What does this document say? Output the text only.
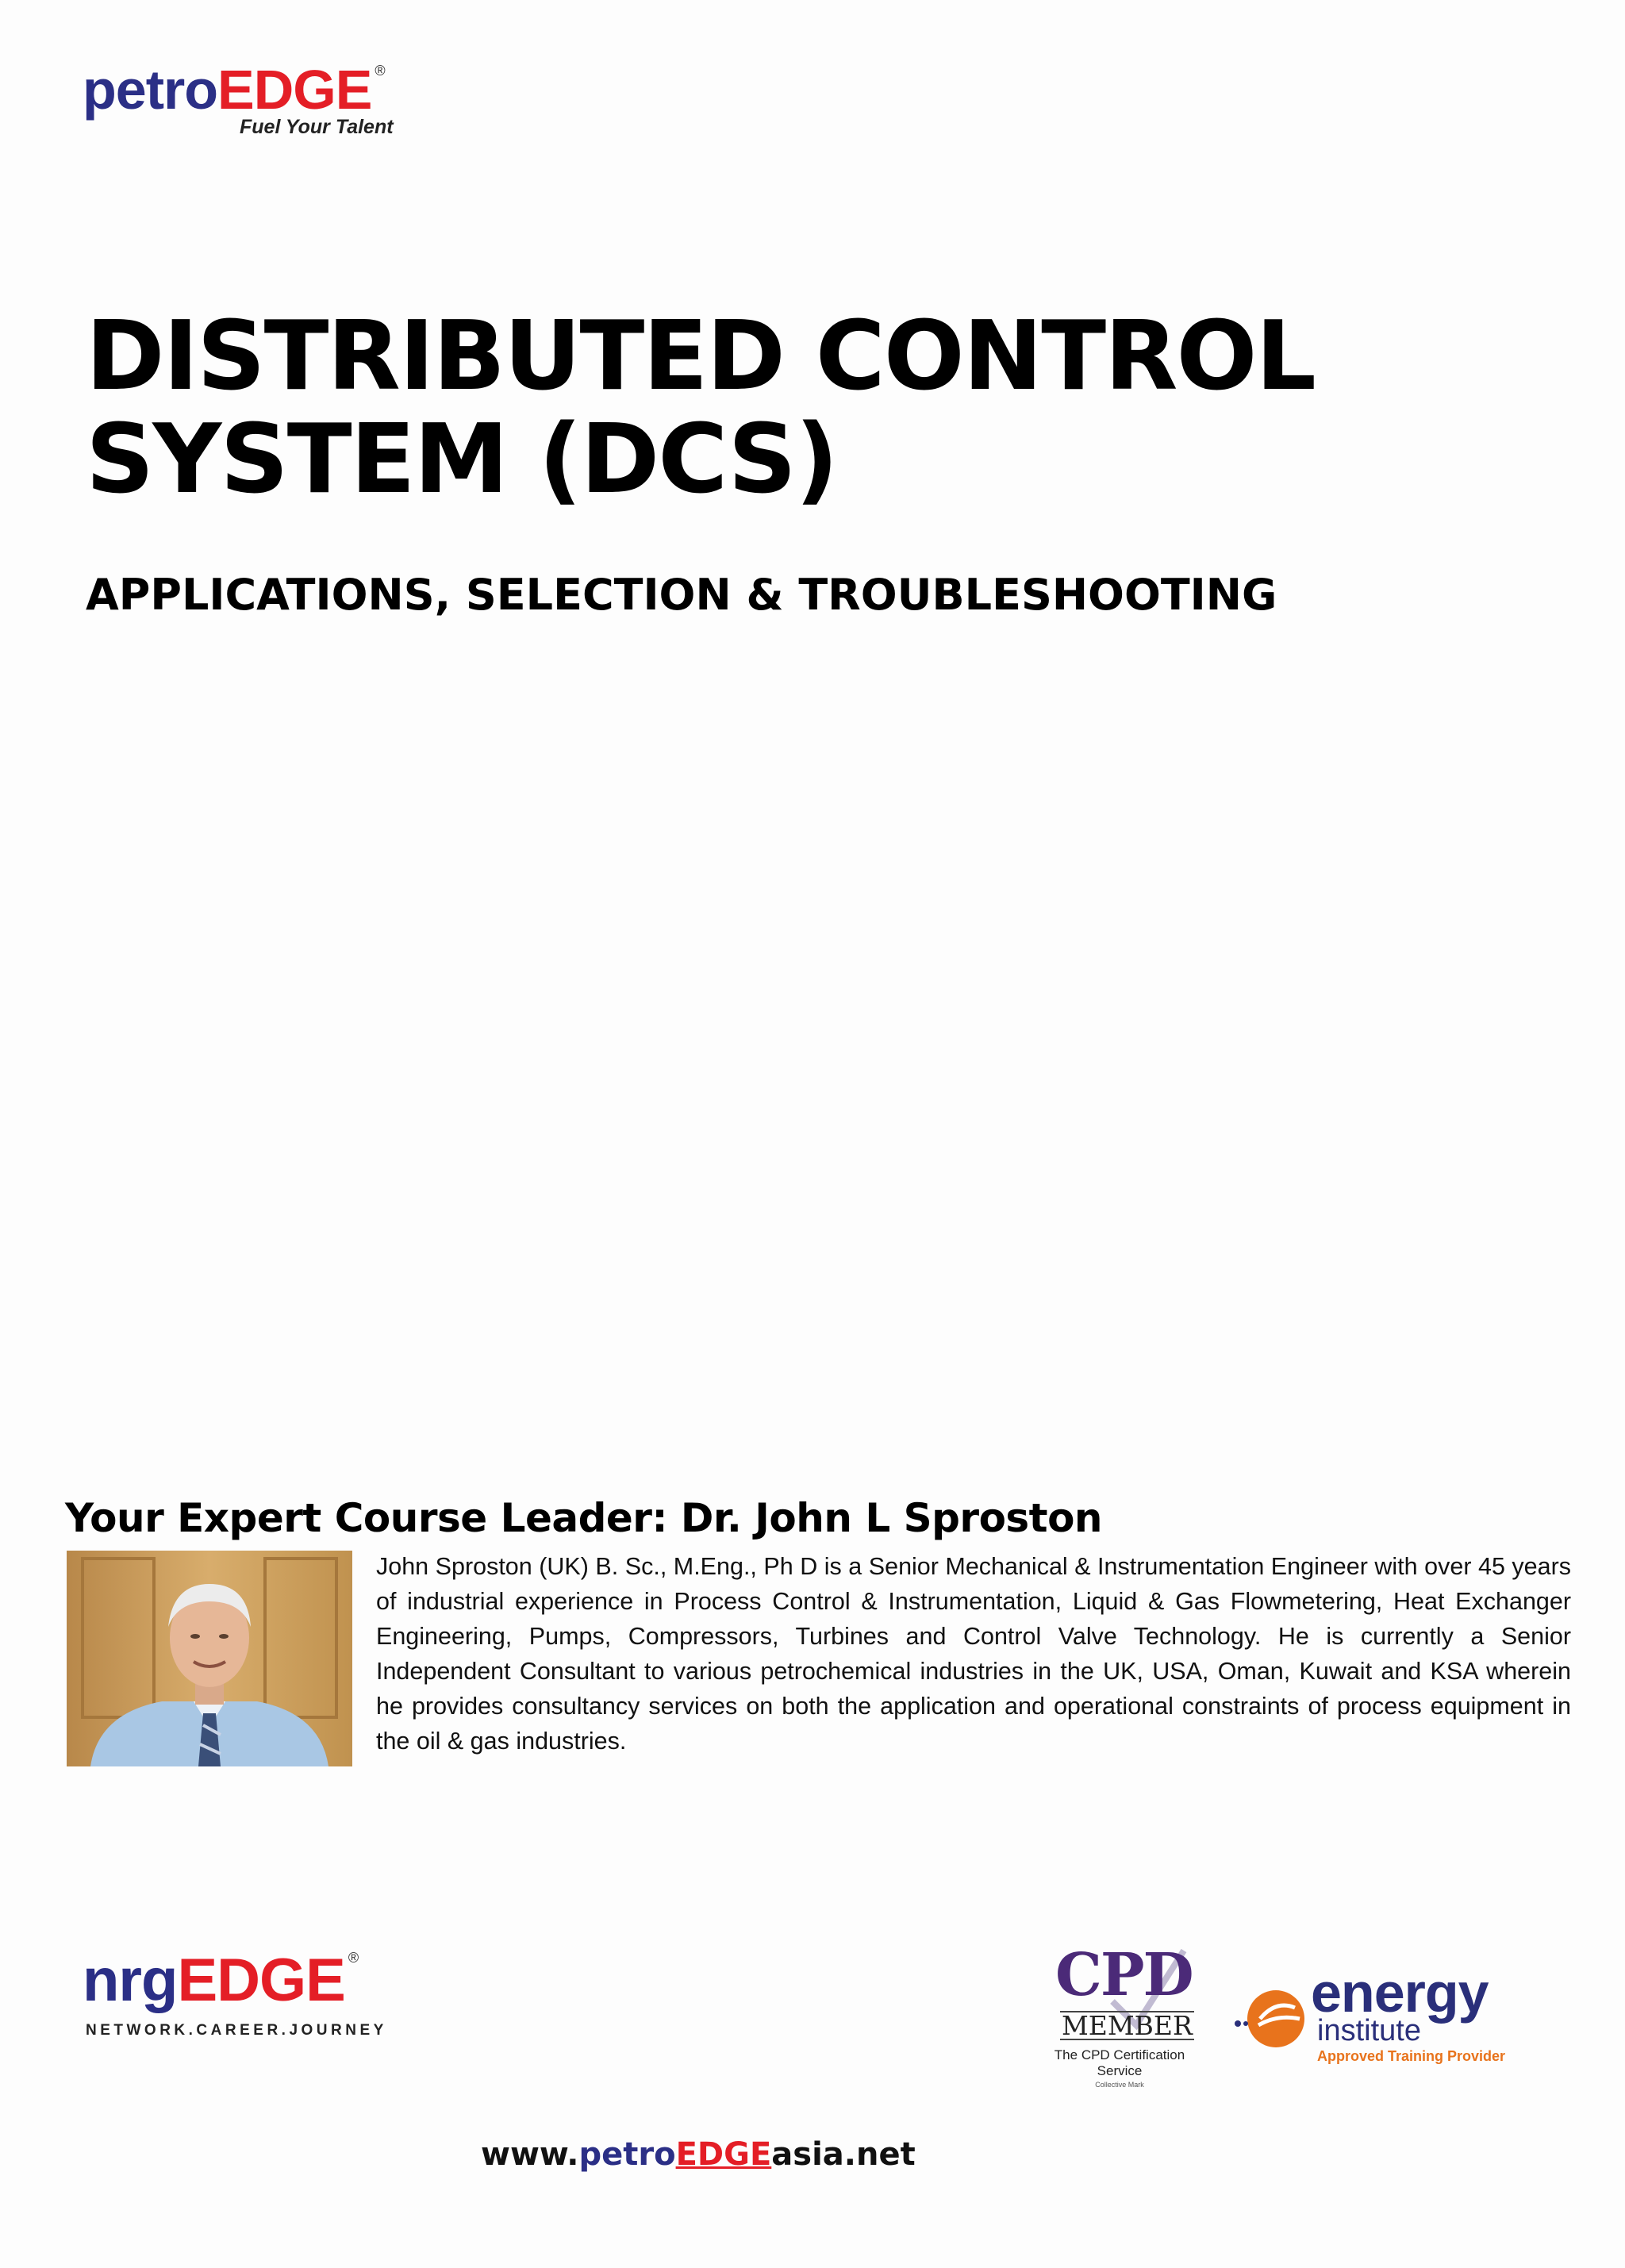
petroEDGE ®
Fuel Your Talent
DISTRIBUTED CONTROL
SYSTEM (DCS)
APPLICATIONS, SELECTION & TROUBLESHOOTING
Your Expert Course Leader: Dr. John L Sproston
John Sproston (UK) B. Sc., M.Eng., Ph D is a Senior Mechanical & Instrumentation Engineer with over 45 years of industrial experience in Process Control & Instrumentation, Liquid & Gas Flowmetering, Heat Exchanger Engineering, Pumps, Compressors, Turbines and Control Valve Technology. He is currently a Senior Independent Consultant to various petrochemical industries in the UK, USA, Oman, Kuwait and KSA wherein he provides consultancy services on both the application and operational constraints of process equipment in the oil & gas industries.
nrgEDGE ®
NETWORK.CAREER.JOURNEY
CPD
MEMBER
The CPD Certification
Service
Collective Mark
energy
institute
Approved Training Provider
www.petroEDGEasia.net
